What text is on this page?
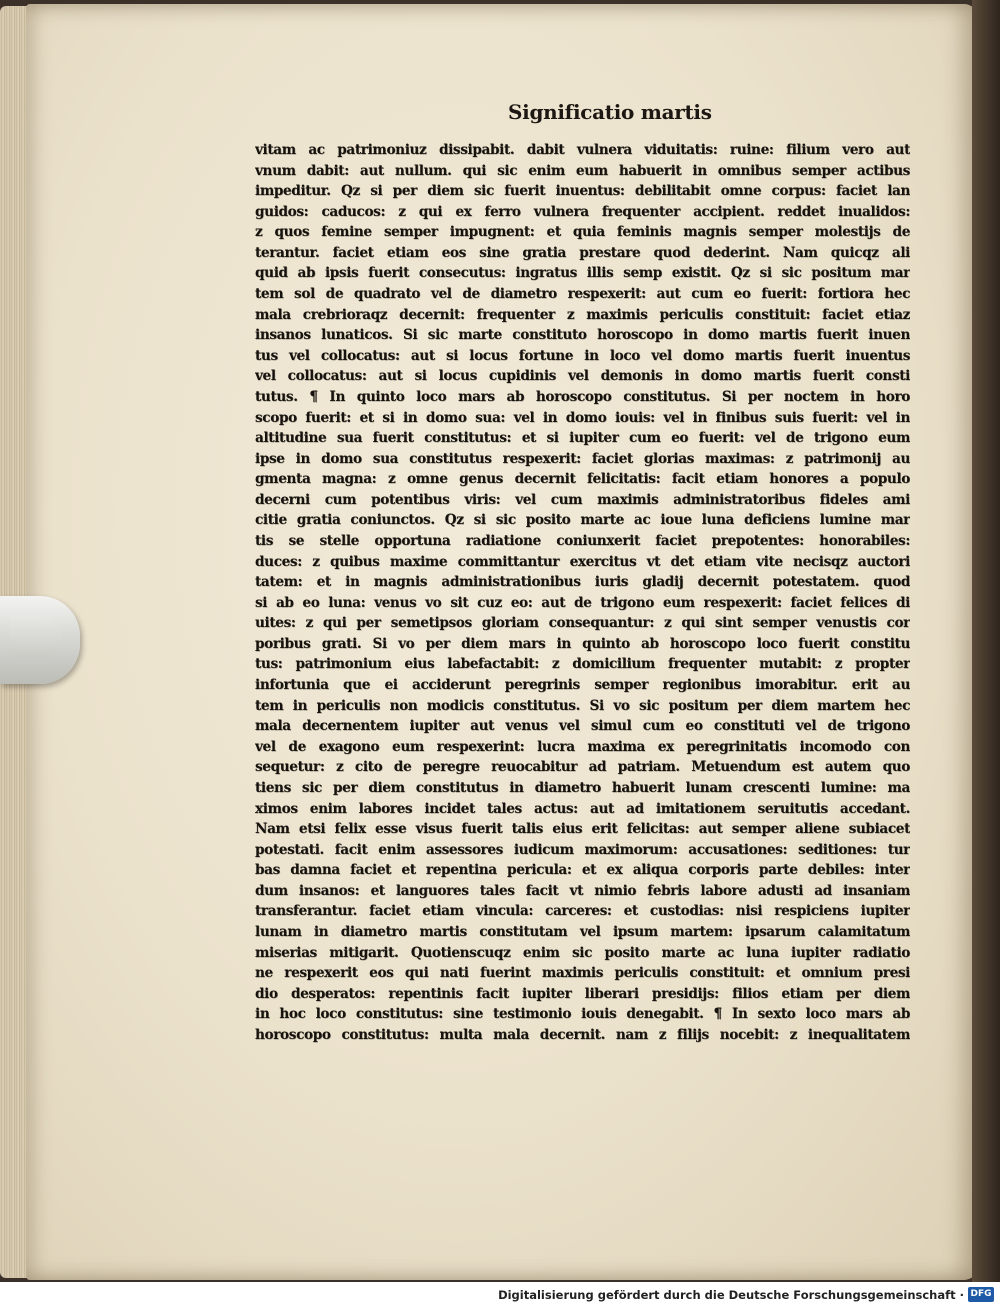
Significatio martis
vitam ac patrimoniuz dissipabit. dabit vulnera viduitatis: ruine: filium vero aut
vnum dabit: aut nullum. qui sic enim eum habuerit in omnibus semper actibus
impeditur. Qz si per diem sic fuerit inuentus: debilitabit omne corpus: faciet lan
guidos: caducos: z qui ex ferro vulnera frequenter accipient. reddet inualidos:
z quos femine semper impugnent: et quia feminis magnis semper molestijs de
terantur. faciet etiam eos sine gratia prestare quod dederint. Nam quicqz ali
quid ab ipsis fuerit consecutus: ingratus illis semp existit. Qz si sic positum mar
tem sol de quadrato vel de diametro respexerit: aut cum eo fuerit: fortiora hec
mala crebrioraqz decernit: frequenter z maximis periculis constituit: faciet etiaz
insanos lunaticos. Si sic marte constituto horoscopo in domo martis fuerit inuen
tus vel collocatus: aut si locus fortune in loco vel domo martis fuerit inuentus
vel collocatus: aut si locus cupidinis vel demonis in domo martis fuerit consti
tutus. ¶ In quinto loco mars ab horoscopo constitutus. Si per noctem in horo
scopo fuerit: et si in domo sua: vel in domo iouis: vel in finibus suis fuerit: vel in
altitudine sua fuerit constitutus: et si iupiter cum eo fuerit: vel de trigono eum
ipse in domo sua constitutus respexerit: faciet glorias maximas: z patrimonij au
gmenta magna: z omne genus decernit felicitatis: facit etiam honores a populo
decerni cum potentibus viris: vel cum maximis administratoribus fideles ami
citie gratia coniunctos. Qz si sic posito marte ac ioue luna deficiens lumine mar
tis se stelle opportuna radiatione coniunxerit faciet prepotentes: honorabiles:
duces: z quibus maxime committantur exercitus vt det etiam vite necisqz auctori
tatem: et in magnis administrationibus iuris gladij decernit potestatem. quod
si ab eo luna: venus vo sit cuz eo: aut de trigono eum respexerit: faciet felices di
uites: z qui per semetipsos gloriam consequantur: z qui sint semper venustis cor
poribus grati. Si vo per diem mars in quinto ab horoscopo loco fuerit constitu
tus: patrimonium eius labefactabit: z domicilium frequenter mutabit: z propter
infortunia que ei acciderunt peregrinis semper regionibus imorabitur. erit au
tem in periculis non modicis constitutus. Si vo sic positum per diem martem hec
mala decernentem iupiter aut venus vel simul cum eo constituti vel de trigono
vel de exagono eum respexerint: lucra maxima ex peregrinitatis incomodo con
sequetur: z cito de peregre reuocabitur ad patriam. Metuendum est autem quo
tiens sic per diem constitutus in diametro habuerit lunam crescenti lumine: ma
ximos enim labores incidet tales actus: aut ad imitationem seruitutis accedant.
Nam etsi felix esse visus fuerit talis eius erit felicitas: aut semper aliene subiacet
potestati. facit enim assessores iudicum maximorum: accusationes: seditiones: tur
bas damna faciet et repentina pericula: et ex aliqua corporis parte debiles: inter
dum insanos: et languores tales facit vt nimio febris labore adusti ad insaniam
transferantur. faciet etiam vincula: carceres: et custodias: nisi respiciens iupiter
lunam in diametro martis constitutam vel ipsum martem: ipsarum calamitatum
miserias mitigarit. Quotienscuqz enim sic posito marte ac luna iupiter radiatio
ne respexerit eos qui nati fuerint maximis periculis constituit: et omnium presi
dio desperatos: repentinis facit iupiter liberari presidijs: filios etiam per diem
in hoc loco constitutus: sine testimonio iouis denegabit. ¶ In sexto loco mars ab
horoscopo constitutus: multa mala decernit. nam z filijs nocebit: z inequalitatem
Digitalisierung gefördert durch die Deutsche Forschungsgemeinschaft · DFG
